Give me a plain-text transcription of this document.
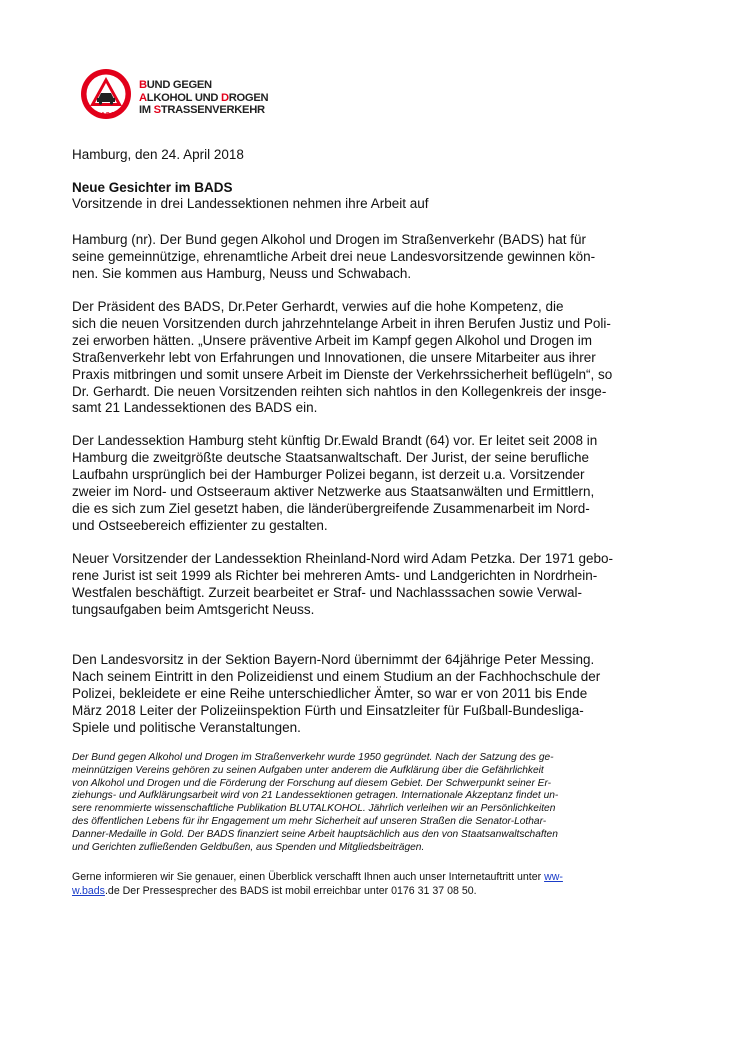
B.A.D.S.
BUND GEGEN
ALKOHOL UND DROGEN
IM STRASSENVERKEHR
Hamburg, den 24. April 2018
Neue Gesichter im BADS
Vorsitzende in drei Landessektionen nehmen ihre Arbeit auf
Hamburg (nr). Der Bund gegen Alkohol und Drogen im Straßenverkehr (BADS) hat für
seine gemeinnützige, ehrenamtliche Arbeit drei neue Landesvorsitzende gewinnen kön-
nen. Sie kommen aus Hamburg, Neuss und Schwabach.
Der Präsident des BADS, Dr.Peter Gerhardt, verwies auf die hohe Kompetenz, die
sich die neuen Vorsitzenden durch jahrzehntelange Arbeit in ihren Berufen Justiz und Poli-
zei erworben hätten. „Unsere präventive Arbeit im Kampf gegen Alkohol und Drogen im
Straßenverkehr lebt von Erfahrungen und Innovationen, die unsere Mitarbeiter aus ihrer
Praxis mitbringen und somit unsere Arbeit im Dienste der Verkehrssicherheit beflügeln“, so
Dr. Gerhardt. Die neuen Vorsitzenden reihten sich nahtlos in den Kollegenkreis der insge-
samt 21 Landessektionen des BADS ein.
Der Landessektion Hamburg steht künftig Dr.Ewald Brandt (64) vor. Er leitet seit 2008 in
Hamburg die zweitgrößte deutsche Staatsanwaltschaft. Der Jurist, der seine berufliche
Laufbahn ursprünglich bei der Hamburger Polizei begann, ist derzeit u.a. Vorsitzender
zweier im Nord- und Ostseeraum aktiver Netzwerke aus Staatsanwälten und Ermittlern,
die es sich zum Ziel gesetzt haben, die länderübergreifende Zusammenarbeit im Nord-
und Ostseebereich effizienter zu gestalten.
Neuer Vorsitzender der Landessektion Rheinland-Nord wird Adam Petzka. Der 1971 gebo-
rene Jurist ist seit 1999 als Richter bei mehreren Amts- und Landgerichten in Nordrhein-
Westfalen beschäftigt. Zurzeit bearbeitet er Straf- und Nachlasssachen sowie Verwal-
tungsaufgaben beim Amtsgericht Neuss.
Den Landesvorsitz in der Sektion Bayern-Nord übernimmt der 64jährige Peter Messing.
Nach seinem Eintritt in den Polizeidienst und einem Studium an der Fachhochschule der
Polizei, bekleidete er eine Reihe unterschiedlicher Ämter, so war er von 2011 bis Ende
März 2018 Leiter der Polizeiinspektion Fürth und Einsatzleiter für Fußball-Bundesliga-
Spiele und politische Veranstaltungen.
Der Bund gegen Alkohol und Drogen im Straßenverkehr wurde 1950 gegründet. Nach der Satzung des ge-
meinnützigen Vereins gehören zu seinen Aufgaben unter anderem die Aufklärung über die Gefährlichkeit
von Alkohol und Drogen und die Förderung der Forschung auf diesem Gebiet. Der Schwerpunkt seiner Er-
ziehungs- und Aufklärungsarbeit wird von 21 Landessektionen getragen. Internationale Akzeptanz findet un-
sere renommierte wissenschaftliche Publikation BLUTALKOHOL. Jährlich verleihen wir an Persönlichkeiten
des öffentlichen Lebens für ihr Engagement um mehr Sicherheit auf unseren Straßen die Senator-Lothar-
Danner-Medaille in Gold. Der BADS finanziert seine Arbeit hauptsächlich aus den von Staatsanwaltschaften
und Gerichten zufließenden Geldbußen, aus Spenden und Mitgliedsbeiträgen.
Gerne informieren wir Sie genauer, einen Überblick verschafft Ihnen auch unser Internetauftritt unter ww-
w.bads.de Der Pressesprecher des BADS ist mobil erreichbar unter 0176 31 37 08 50.
